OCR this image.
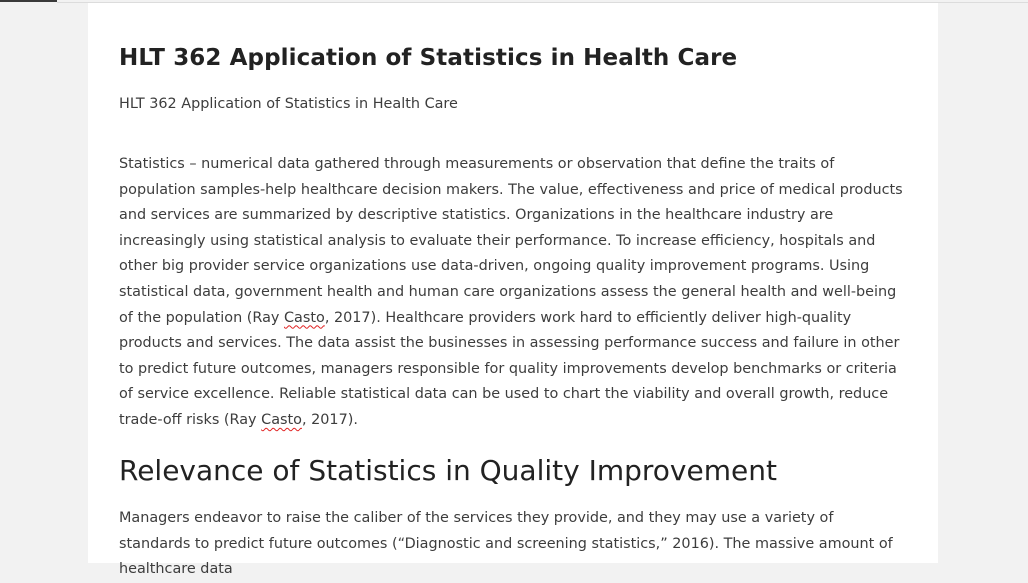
HLT 362 Application of Statistics in Health Care

HLT 362 Application of Statistics in Health Care

Statistics – numerical data gathered through measurements or observation that define the traits of population samples-help healthcare decision makers. The value, effectiveness and price of medical products and services are summarized by descriptive statistics. Organizations in the healthcare industry are increasingly using statistical analysis to evaluate their performance. To increase efficiency, hospitals and other big provider service organizations use data-driven, ongoing quality improvement programs. Using statistical data, government health and human care organizations assess the general health and well-being of the population (Ray Casto, 2017). Healthcare providers work hard to efficiently deliver high-quality products and services. The data assist the businesses in assessing performance success and failure in other to predict future outcomes, managers responsible for quality improvements develop benchmarks or criteria of service excellence. Reliable statistical data can be used to chart the viability and overall growth, reduce trade-off risks (Ray Casto, 2017).

Relevance of Statistics in Quality Improvement

Managers endeavor to raise the caliber of the services they provide, and they may use a variety of standards to predict future outcomes (“Diagnostic and screening statistics,” 2016). The massive amount of healthcare data
